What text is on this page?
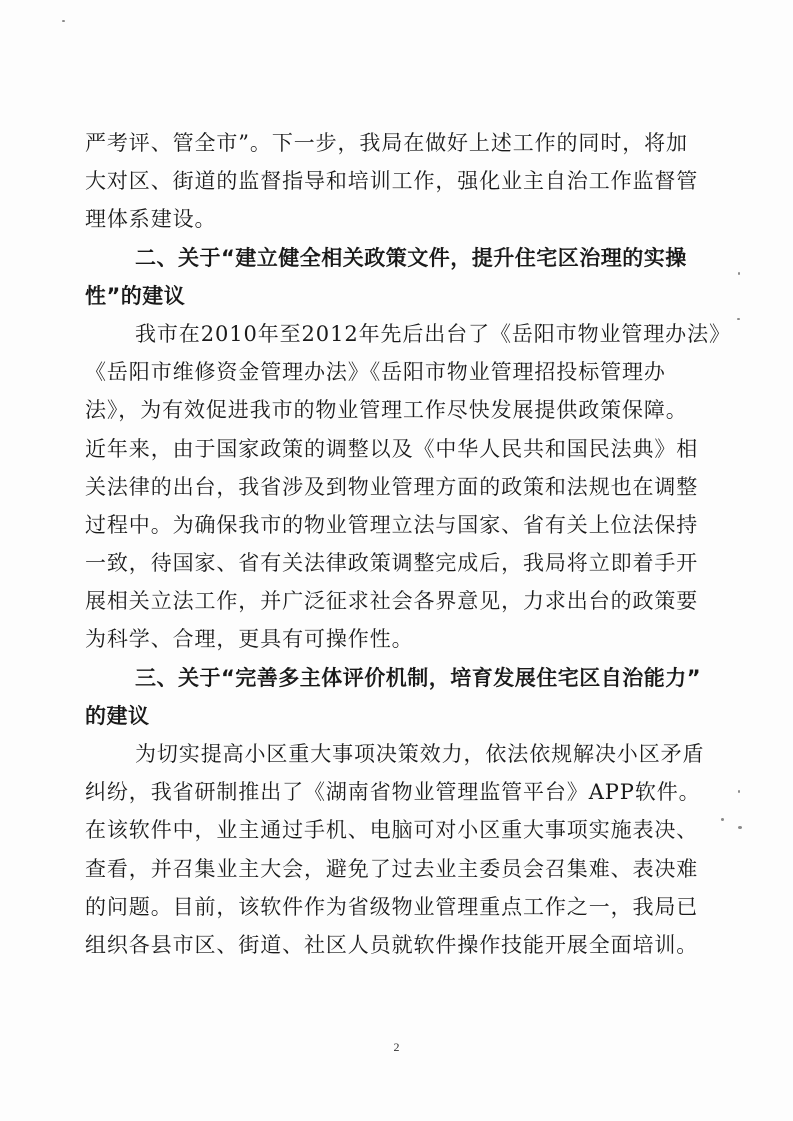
严考评、管全市”。下一步，我局在做好上述工作的同时，将加
大对区、街道的监督指导和培训工作，强化业主自治工作监督管
理体系建设。
二、关于“建立健全相关政策文件，提升住宅区治理的实操
性”的建议
我市在2010年至2012年先后出台了《岳阳市物业管理办法》
《岳阳市维修资金管理办法》《岳阳市物业管理招投标管理办
法》，为有效促进我市的物业管理工作尽快发展提供政策保障。
近年来，由于国家政策的调整以及《中华人民共和国民法典》相
关法律的出台，我省涉及到物业管理方面的政策和法规也在调整
过程中。为确保我市的物业管理立法与国家、省有关上位法保持
一致，待国家、省有关法律政策调整完成后，我局将立即着手开
展相关立法工作，并广泛征求社会各界意见，力求出台的政策要
为科学、合理，更具有可操作性。
三、关于“完善多主体评价机制，培育发展住宅区自治能力”
的建议
为切实提高小区重大事项决策效力，依法依规解决小区矛盾
纠纷，我省研制推出了《湖南省物业管理监管平台》APP软件。
在该软件中，业主通过手机、电脑可对小区重大事项实施表决、
查看，并召集业主大会，避免了过去业主委员会召集难、表决难
的问题。目前，该软件作为省级物业管理重点工作之一，我局已
组织各县市区、街道、社区人员就软件操作技能开展全面培训。
2
